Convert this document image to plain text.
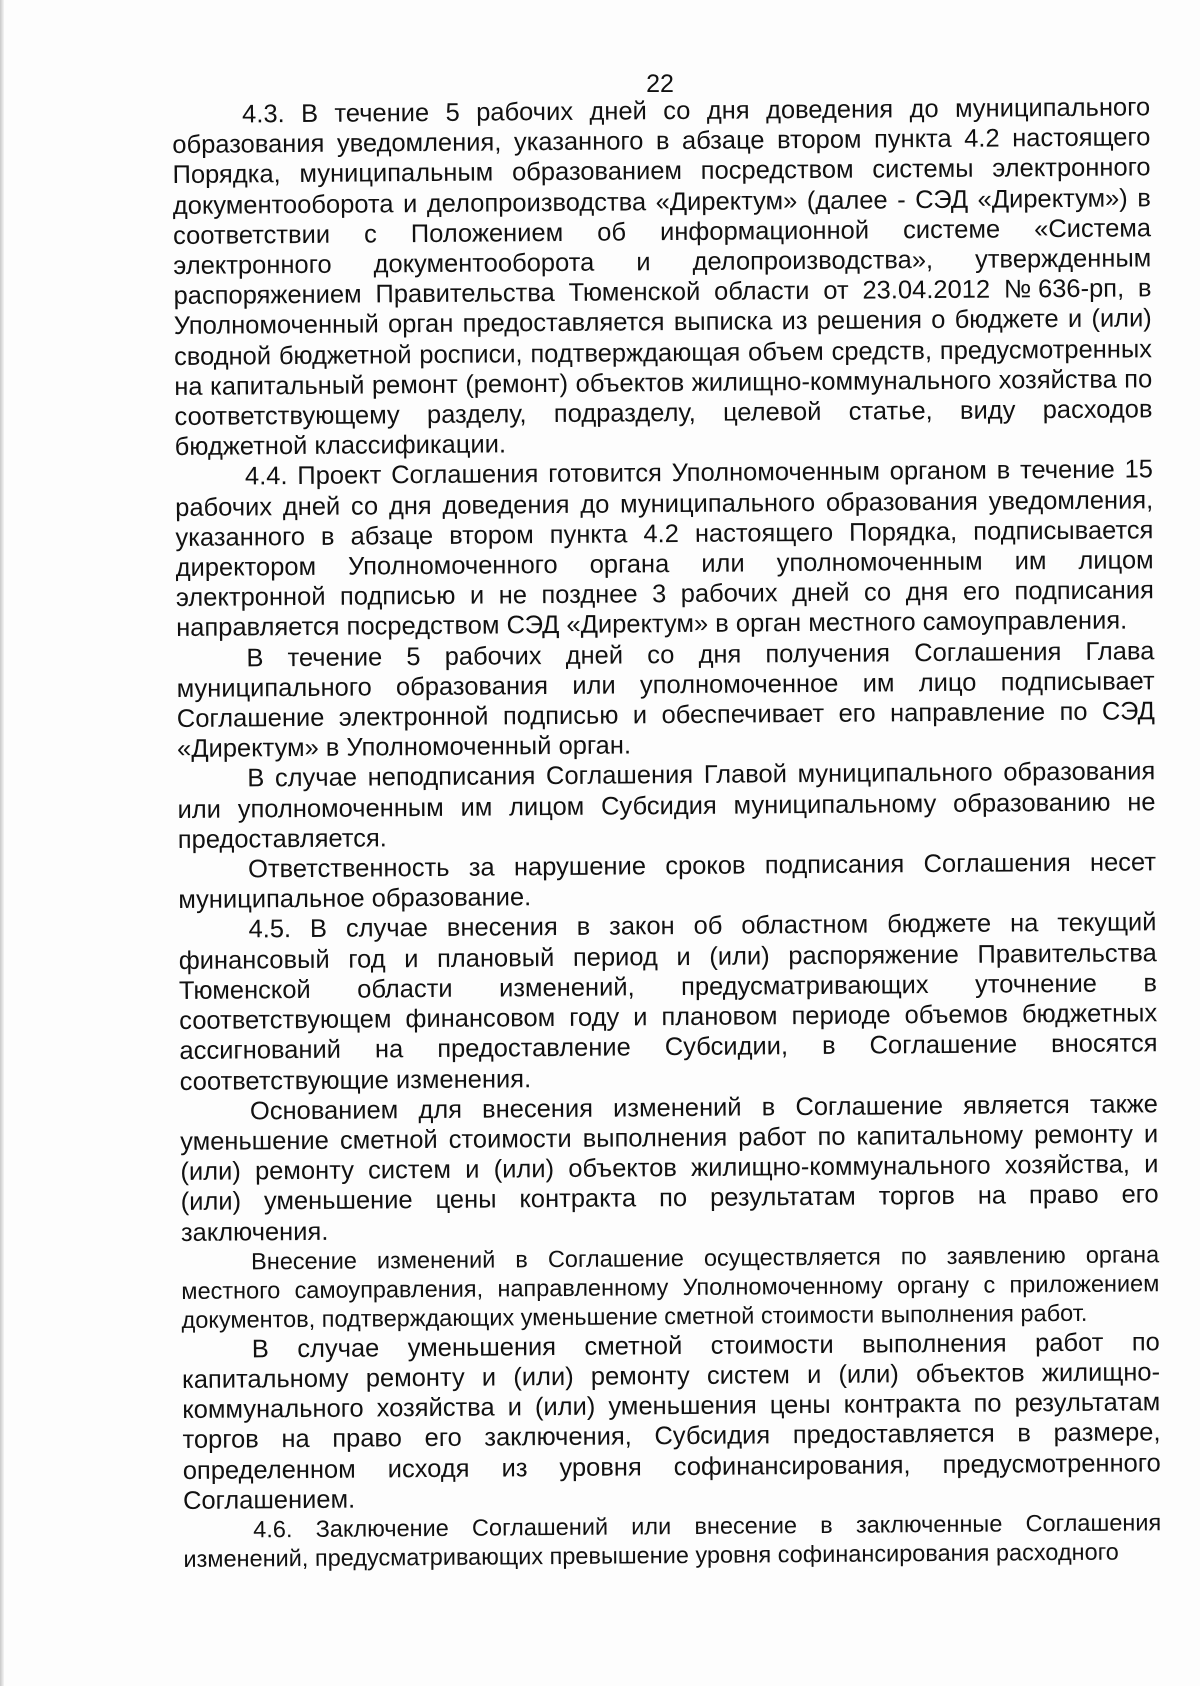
22

4.3. В течение 5 рабочих дней со дня доведения до муниципального образования уведомления, указанного в абзаце втором пункта 4.2 настоящего Порядка, муниципальным образованием посредством системы электронного документооборота и делопроизводства «Директум» (далее - СЭД «Директум») в соответствии с Положением об информационной системе «Система электронного документооборота и делопроизводства», утвержденным распоряжением Правительства Тюменской области от 23.04.2012 №636-рп, в Уполномоченный орган предоставляется выписка из решения о бюджете и (или) сводной бюджетной росписи, подтверждающая объем средств, предусмотренных на капитальный ремонт (ремонт) объектов жилищно-коммунального хозяйства по соответствующему разделу, подразделу, целевой статье, виду расходов бюджетной классификации.

4.4. Проект Соглашения готовится Уполномоченным органом в течение 15 рабочих дней со дня доведения до муниципального образования уведомления, указанного в абзаце втором пункта 4.2 настоящего Порядка, подписывается директором Уполномоченного органа или уполномоченным им лицом электронной подписью и не позднее 3 рабочих дней со дня его подписания направляется посредством СЭД «Директум» в орган местного самоуправления.

В течение 5 рабочих дней со дня получения Соглашения Глава муниципального образования или уполномоченное им лицо подписывает Соглашение электронной подписью и обеспечивает его направление по СЭД «Директум» в Уполномоченный орган.

В случае неподписания Соглашения Главой муниципального образования или уполномоченным им лицом Субсидия муниципальному образованию не предоставляется.

Ответственность за нарушение сроков подписания Соглашения несет муниципальное образование.

4.5. В случае внесения в закон об областном бюджете на текущий финансовый год и плановый период и (или) распоряжение Правительства Тюменской области изменений, предусматривающих уточнение в соответствующем финансовом году и плановом периоде объемов бюджетных ассигнований на предоставление Субсидии, в Соглашение вносятся соответствующие изменения.

Основанием для внесения изменений в Соглашение является также уменьшение сметной стоимости выполнения работ по капитальному ремонту и (или) ремонту систем и (или) объектов жилищно-коммунального хозяйства, и (или) уменьшение цены контракта по результатам торгов на право его заключения.

Внесение изменений в Соглашение осуществляется по заявлению органа местного самоуправления, направленному Уполномоченному органу с приложением документов, подтверждающих уменьшение сметной стоимости выполнения работ.

В случае уменьшения сметной стоимости выполнения работ по капитальному ремонту и (или) ремонту систем и (или) объектов жилищно-коммунального хозяйства и (или) уменьшения цены контракта по результатам торгов на право его заключения, Субсидия предоставляется в размере, определенном исходя из уровня софинансирования, предусмотренного Соглашением.

4.6. Заключение Соглашений или внесение в заключенные Соглашения изменений, предусматривающих превышение уровня софинансирования расходного
